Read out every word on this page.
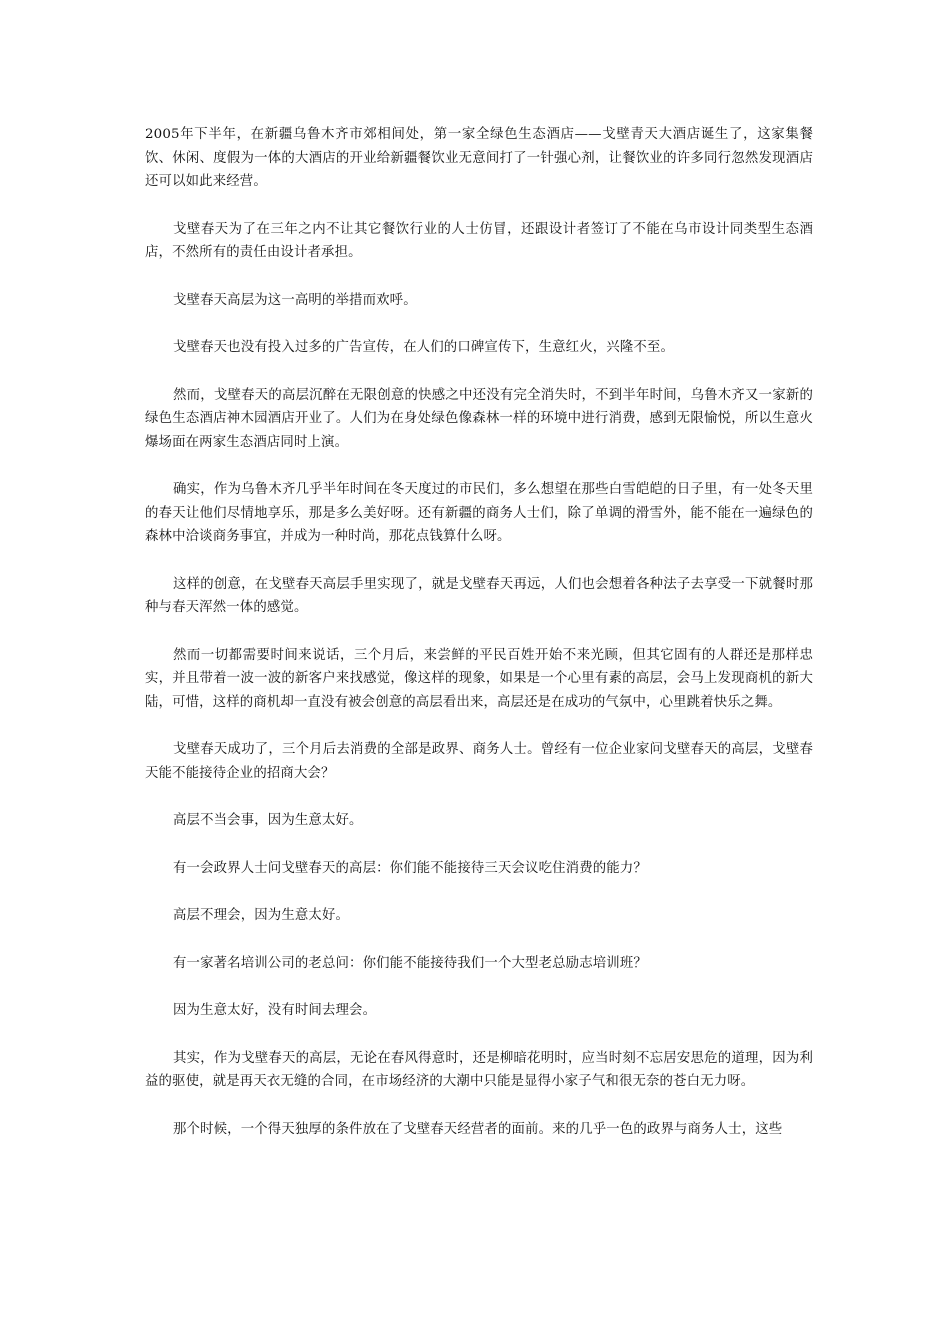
2005年下半年，在新疆乌鲁木齐市郊相间处，第一家全绿色生态酒店——戈壁青天大酒店诞生了，这家集餐饮、休闲、度假为一体的大酒店的开业给新疆餐饮业无意间打了一针强心剂，让餐饮业的许多同行忽然发现酒店还可以如此来经营。

戈壁春天为了在三年之内不让其它餐饮行业的人士仿冒，还跟设计者签订了不能在乌市设计同类型生态酒店，不然所有的责任由设计者承担。

戈壁春天高层为这一高明的举措而欢呼。

戈壁春天也没有投入过多的广告宣传，在人们的口碑宣传下，生意红火，兴隆不至。

然而，戈壁春天的高层沉醉在无限创意的快感之中还没有完全消失时，不到半年时间，乌鲁木齐又一家新的绿色生态酒店神木园酒店开业了。人们为在身处绿色像森林一样的环境中进行消费，感到无限愉悦，所以生意火爆场面在两家生态酒店同时上演。

确实，作为乌鲁木齐几乎半年时间在冬天度过的市民们，多么想望在那些白雪皑皑的日子里，有一处冬天里的春天让他们尽情地享乐，那是多么美好呀。还有新疆的商务人士们，除了单调的滑雪外，能不能在一遍绿色的森林中洽谈商务事宜，并成为一种时尚，那花点钱算什么呀。

这样的创意，在戈壁春天高层手里实现了，就是戈壁春天再远，人们也会想着各种法子去享受一下就餐时那种与春天浑然一体的感觉。

然而一切都需要时间来说话，三个月后，来尝鲜的平民百姓开始不来光顾，但其它固有的人群还是那样忠实，并且带着一波一波的新客户来找感觉，像这样的现象，如果是一个心里有素的高层，会马上发现商机的新大陆，可惜，这样的商机却一直没有被会创意的高层看出来，高层还是在成功的气氛中，心里跳着快乐之舞。

戈壁春天成功了，三个月后去消费的全部是政界、商务人士。曾经有一位企业家问戈壁春天的高层，戈壁春天能不能接待企业的招商大会？

高层不当会事，因为生意太好。

有一会政界人士问戈壁春天的高层：你们能不能接待三天会议吃住消费的能力？

高层不理会，因为生意太好。

有一家著名培训公司的老总问：你们能不能接待我们一个大型老总励志培训班？

因为生意太好，没有时间去理会。

其实，作为戈壁春天的高层，无论在春风得意时，还是柳暗花明时，应当时刻不忘居安思危的道理，因为利益的驱使，就是再天衣无缝的合同，在市场经济的大潮中只能是显得小家子气和很无奈的苍白无力呀。

那个时候，一个得天独厚的条件放在了戈壁春天经营者的面前。来的几乎一色的政界与商务人士，这些
